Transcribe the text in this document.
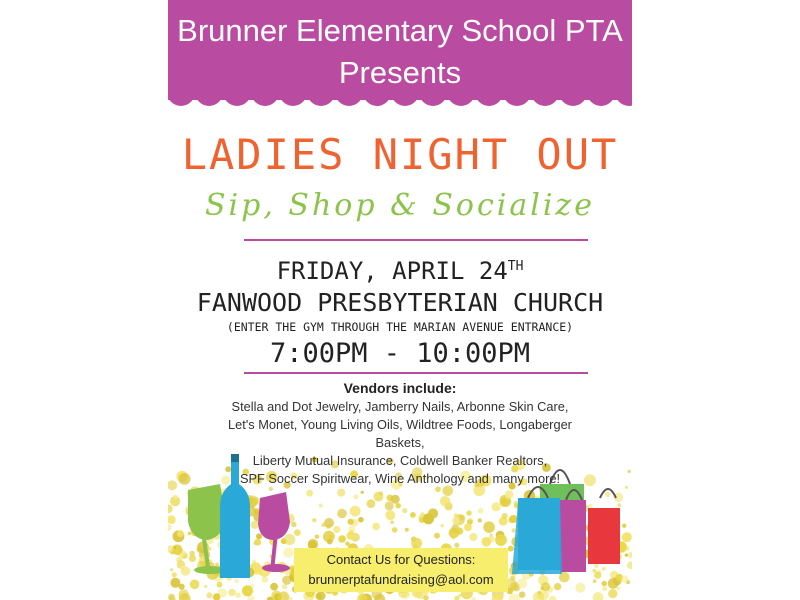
Brunner Elementary School PTA
Presents
LADIES NIGHT OUT
Sip, Shop & Socialize
FRIDAY, APRIL 24TH
FANWOOD PRESBYTERIAN CHURCH
(ENTER THE GYM THROUGH THE MARIAN AVENUE ENTRANCE)
7:00PM - 10:00PM
Vendors include:
Stella and Dot Jewelry, Jamberry Nails, Arbonne Skin Care,
Let's Monet, Young Living Oils, Wildtree Foods, Longaberger Baskets,
Liberty Mutual Insurance, Coldwell Banker Realtors,
SPF Soccer Spiritwear, Wine Anthology and many more!
Contact Us for Questions:
brunnerptafundraising@aol.com
